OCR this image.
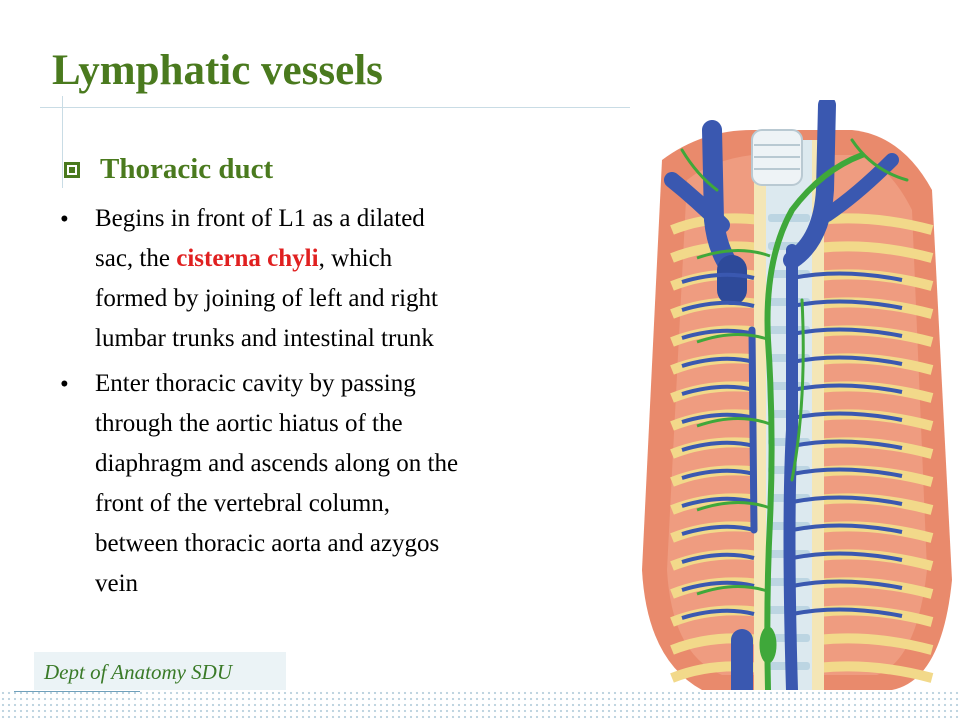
Lymphatic vessels
Thoracic duct
• Begins in front of L1 as a dilated
sac, the cisterna chyli, which
formed by joining of left and right
lumbar trunks and intestinal trunk
• Enter thoracic cavity by passing
through the aortic hiatus of the
diaphragm and ascends along on the
front of the vertebral column,
between thoracic aorta and azygos
vein
Dept of Anatomy SDU
